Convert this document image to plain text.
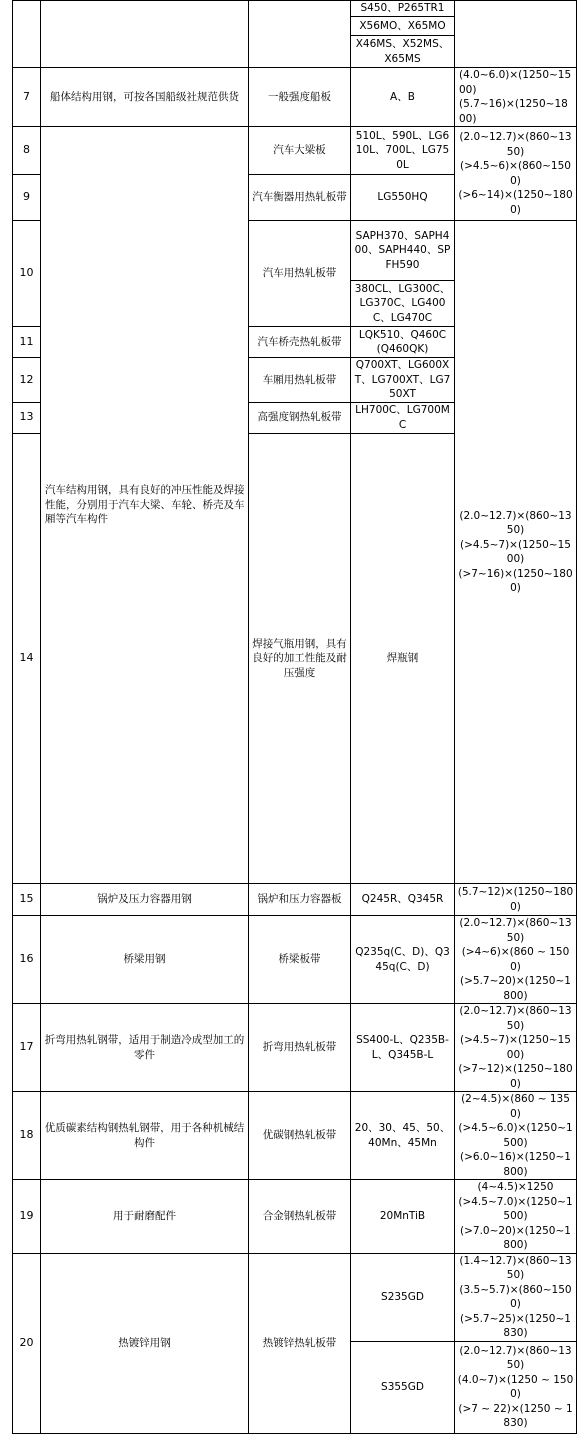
			S450、P265TR1		
			X56MO、X65MO		
			X46MS、X52MS、X65MS		
7	船体结构用钢，可按各国船级社规范供货	一般强度船板	A、B	(4.0~6.0)×(1250~1500)
(5.7~16)×(1250~1800)	
8	汽车结构用钢，具有良好的冲压性能及焊接性能，分别用于汽车大梁、车轮、桥壳及车厢等汽车构件	汽车大梁板	510L、590L、LG610L、700L、LG750L	(2.0~12.7)×(860~1350)
(>4.5~6)×(860~1500)
(>6~14)×(1250~1800)	
9		汽车衡器用热轧板带	LG550HQ		
10		汽车用热轧板带	SAPH370、SAPH400、SAPH440、SPFH590	(2.0~12.7)×(860~1350)
(>4.5~7)×(1250~1500)
(>7~16)×(1250~1800)	
			380CL、LG300C、LG370C、LG400C、LG470C		
11		汽车桥壳热轧板带	LQK510、Q460C(Q460QK)		
12		车厢用热轧板带	Q700XT、LG600XT、LG700XT、LG750XT		
13		高强度钢热轧板带	LH700C、LG700MC		
14		焊接气瓶用钢，具有良好的加工性能及耐压强度	焊瓶钢		
15	锅炉及压力容器用钢	锅炉和压力容器板	Q245R、Q345R	(5.7~12)×(1250~1800)	
16	桥梁用钢	桥梁板带	Q235q(C、D)、Q345q(C、D)	(2.0~12.7)×(860~1350)
(>4~6)×(860 ~ 1500)
(>5.7~20)×(1250~1800)	
17	折弯用热轧钢带，适用于制造冷成型加工的零件	折弯用热轧板带	SS400-L、Q235B-L、Q345B-L	(2.0~12.7)×(860~1350)
(>4.5~7)×(1250~1500)
(>7~12)×(1250~1800)	
18	优质碳素结构钢热轧钢带，用于各种机械结构件	优碳钢热轧板带	20、30、45、50、40Mn、45Mn	(2~4.5)×(860 ~ 1350)
(>4.5~6.0)×(1250~1500)
(>6.0~16)×(1250~1800)	
19	用于耐磨配件	合金钢热轧板带	20MnTiB	(4~4.5)×1250
(>4.5~7.0)×(1250~1500)
(>7.0~20)×(1250~1800)	
20	热镀锌用钢	热镀锌热轧板带	S235GD	(1.4~12.7)×(860~1350)
(3.5~5.7)×(860~1500)
(>5.7~25)×(1250~1830)	
			S355GD	(2.0~12.7)×(860~1350)
(4.0~7)×(1250 ~ 1500)
(>7 ~ 22)×(1250 ~ 1830)	
